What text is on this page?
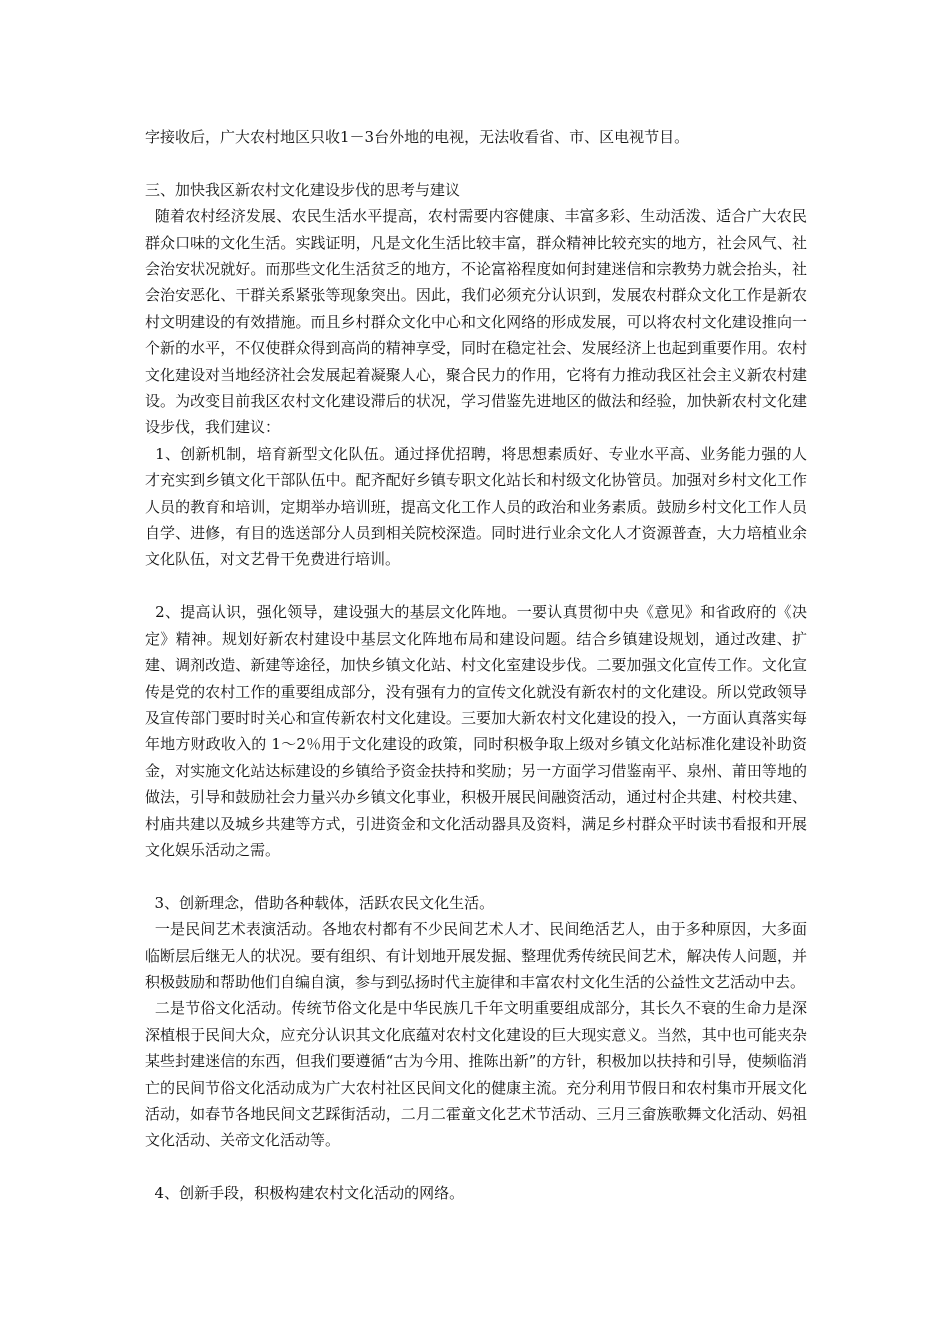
字接收后，广大农村地区只收1－3台外地的电视，无法收看省、市、区电视节目。

三、加快我区新农村文化建设步伐的思考与建议

随着农村经济发展、农民生活水平提高，农村需要内容健康、丰富多彩、生动活泼、适合广大农民群众口味的文化生活。实践证明，凡是文化生活比较丰富，群众精神比较充实的地方，社会风气、社会治安状况就好。而那些文化生活贫乏的地方，不论富裕程度如何封建迷信和宗教势力就会抬头，社会治安恶化、干群关系紧张等现象突出。因此，我们必须充分认识到，发展农村群众文化工作是新农村文明建设的有效措施。而且乡村群众文化中心和文化网络的形成发展，可以将农村文化建设推向一个新的水平，不仅使群众得到高尚的精神享受，同时在稳定社会、发展经济上也起到重要作用。农村文化建设对当地经济社会发展起着凝聚人心，聚合民力的作用，它将有力推动我区社会主义新农村建设。为改变目前我区农村文化建设滞后的状况，学习借鉴先进地区的做法和经验，加快新农村文化建设步伐，我们建议：

1、创新机制，培育新型文化队伍。通过择优招聘，将思想素质好、专业水平高、业务能力强的人才充实到乡镇文化干部队伍中。配齐配好乡镇专职文化站长和村级文化协管员。加强对乡村文化工作人员的教育和培训，定期举办培训班，提高文化工作人员的政治和业务素质。鼓励乡村文化工作人员自学、进修，有目的选送部分人员到相关院校深造。同时进行业余文化人才资源普查，大力培植业余文化队伍，对文艺骨干免费进行培训。

2、提高认识，强化领导，建设强大的基层文化阵地。一要认真贯彻中央《意见》和省政府的《决定》精神。规划好新农村建设中基层文化阵地布局和建设问题。结合乡镇建设规划，通过改建、扩建、调剂改造、新建等途径，加快乡镇文化站、村文化室建设步伐。二要加强文化宣传工作。文化宣传是党的农村工作的重要组成部分，没有强有力的宣传文化就没有新农村的文化建设。所以党政领导及宣传部门要时时关心和宣传新农村文化建设。三要加大新农村文化建设的投入，一方面认真落实每年地方财政收入的 1～2％用于文化建设的政策，同时积极争取上级对乡镇文化站标准化建设补助资金，对实施文化站达标建设的乡镇给予资金扶持和奖励；另一方面学习借鉴南平、泉州、莆田等地的做法，引导和鼓励社会力量兴办乡镇文化事业，积极开展民间融资活动，通过村企共建、村校共建、村庙共建以及城乡共建等方式，引进资金和文化活动器具及资料，满足乡村群众平时读书看报和开展文化娱乐活动之需。

3、创新理念，借助各种载体，活跃农民文化生活。

一是民间艺术表演活动。各地农村都有不少民间艺术人才、民间绝活艺人，由于多种原因，大多面临断层后继无人的状况。要有组织、有计划地开展发掘、整理优秀传统民间艺术，解决传人问题，并积极鼓励和帮助他们自编自演，参与到弘扬时代主旋律和丰富农村文化生活的公益性文艺活动中去。

二是节俗文化活动。传统节俗文化是中华民族几千年文明重要组成部分，其长久不衰的生命力是深深植根于民间大众，应充分认识其文化底蕴对农村文化建设的巨大现实意义。当然，其中也可能夹杂某些封建迷信的东西，但我们要遵循“古为今用、推陈出新”的方针，积极加以扶持和引导，使频临消亡的民间节俗文化活动成为广大农村社区民间文化的健康主流。充分利用节假日和农村集市开展文化活动，如春节各地民间文艺踩街活动，二月二霍童文化艺术节活动、三月三畲族歌舞文化活动、妈祖文化活动、关帝文化活动等。

4、创新手段，积极构建农村文化活动的网络。
